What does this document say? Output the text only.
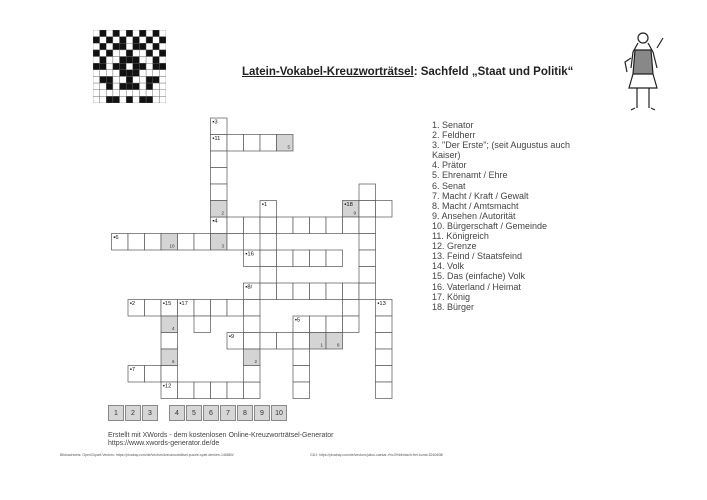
Latein-Vokabel-Kreuzworträtsel: Sachfeld „Staat und Politik“
▪11
5
9
▪18
▪4
▪6
10	3
▪16
▪8/
▪2	▪15 ▪17
▪5
▪9
1	8
▪7
▪12
▪3
2
▪1
4
6	2
▪13
1. Senator
2. Feldherr
3. "Der Erste"; (seit Augustus auch Kaiser)
4. Prätor
5. Ehrenamt / Ehre
6. Senat
7. Macht / Kraft / Gewalt
8. Macht / Amtsmacht
9. Ansehen /Autorität
10. Bürgerschaft / Gemeinde
11. Königreich
12. Grenze
13. Feind / Staatsfeind
14. Volk
15. Das (einfache) Volk
16. Vaterland / Heimat
17. König
18. Bürger
1	2	3	4	5	6	7	8	9	10
Erstellt mit XWords - dem kostenlosen Online-Kreuzworträtsel-Generator
https://www.xwords-generator.de/de
Bildnachweis: OpenClipart-Vectors: https://pixabay.com/de/vectors/kreuzworträtsel-puzzle-spiel-denken-146880/	GDJ; https://pixabay.com/de/vectors/julius-caesar-r%c3%b6misch-frei-kunst-5240608/
